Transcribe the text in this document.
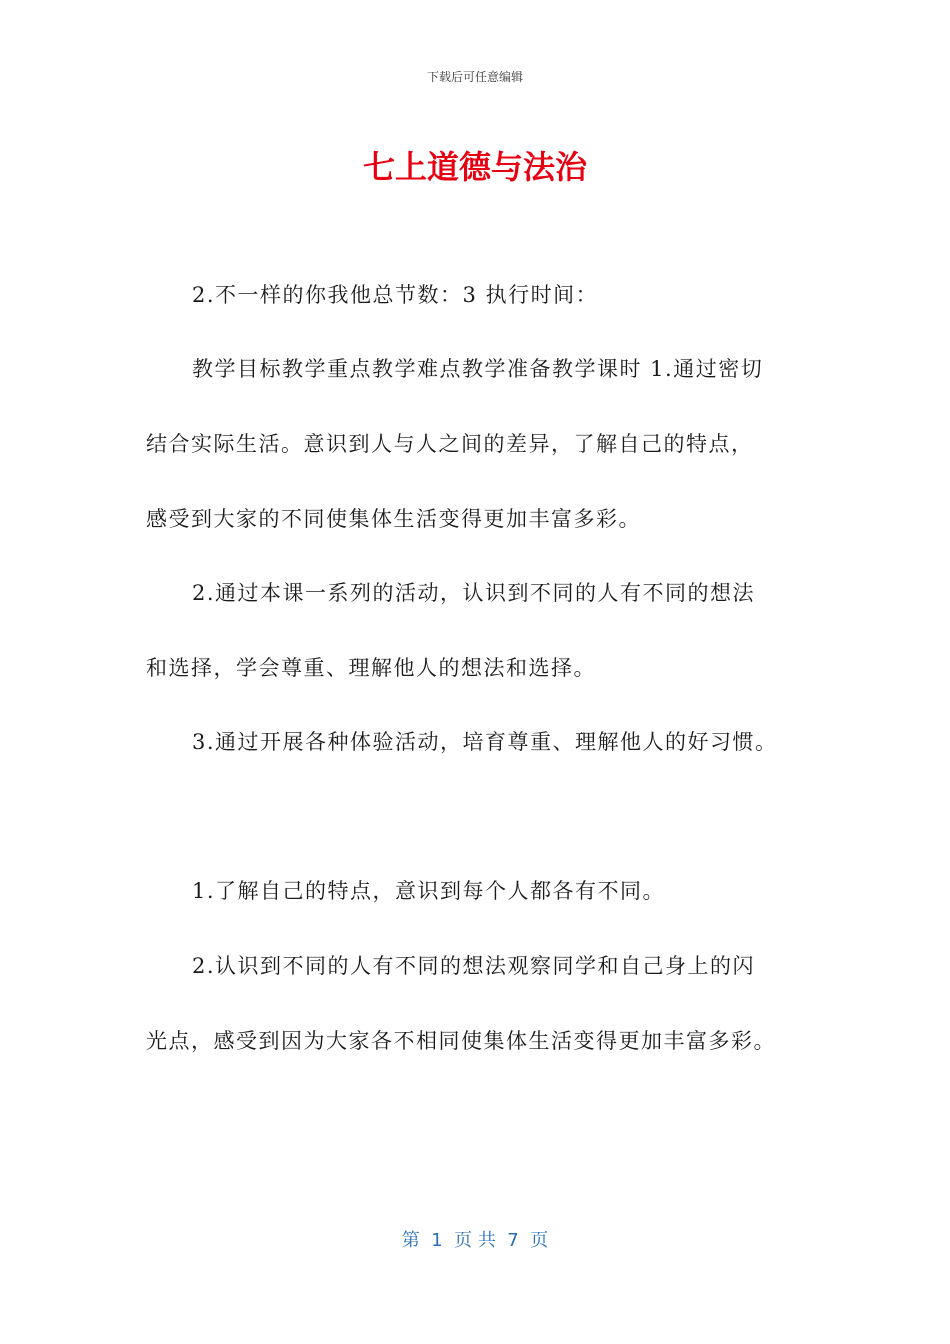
下载后可任意编辑
七上道德与法治
2.不一样的你我他总节数：3 执行时间：
教学目标教学重点教学难点教学准备教学课时 1.通过密切
结合实际生活。意识到人与人之间的差异，了解自己的特点，
感受到大家的不同使集体生活变得更加丰富多彩。
2.通过本课一系列的活动，认识到不同的人有不同的想法
和选择，学会尊重、理解他人的想法和选择。
3.通过开展各种体验活动，培育尊重、理解他人的好习惯。
1.了解自己的特点，意识到每个人都各有不同。
2.认识到不同的人有不同的想法观察同学和自己身上的闪
光点，感受到因为大家各不相同使集体生活变得更加丰富多彩。
第  1  页 共  7  页
